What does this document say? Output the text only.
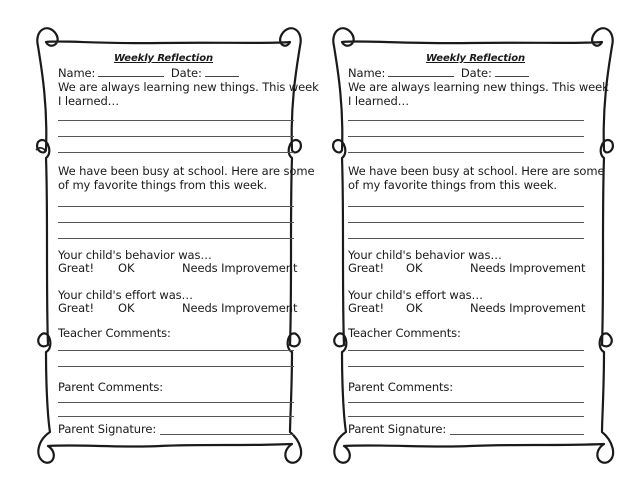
Weekly Reflection
Name:	Date:
We are always learning new things. This week
I learned…
We have been busy at school. Here are some
of my favorite things from this week.
Your child's behavior was…
Great! OK	Needs Improvement
Your child's effort was…
Great! OK	Needs Improvement
Teacher Comments:
Parent Comments:
Parent Signature:
Weekly Reflection
Name:	Date:
We are always learning new things. This week
I learned…
We have been busy at school. Here are some
of my favorite things from this week.
Your child's behavior was…
Great! OK	Needs Improvement
Your child's effort was…
Great! OK	Needs Improvement
Teacher Comments:
Parent Comments:
Parent Signature:
